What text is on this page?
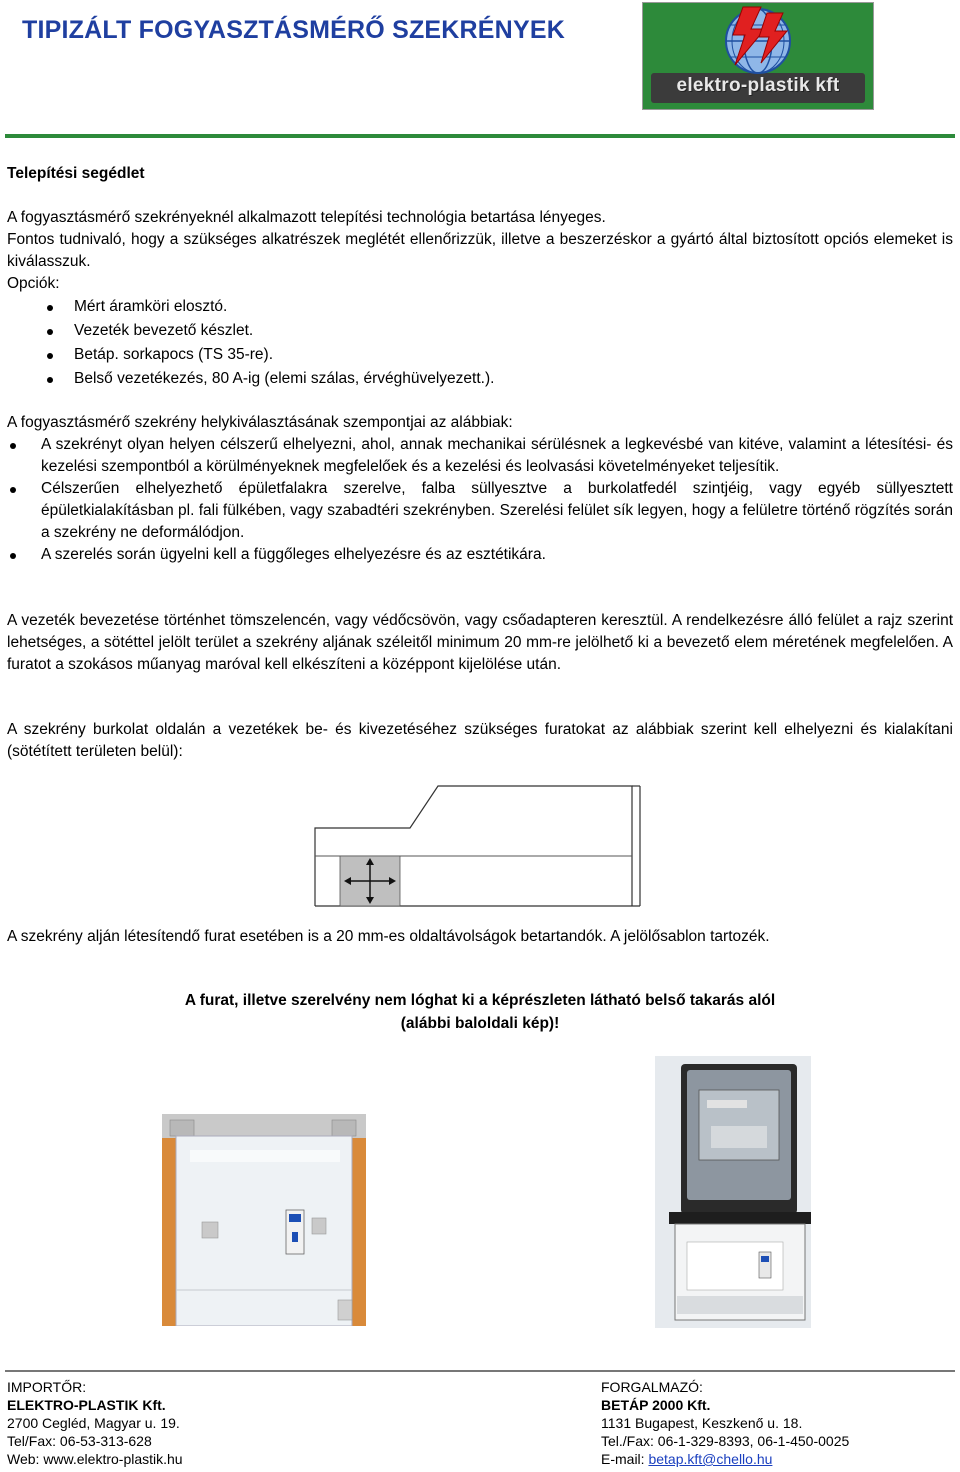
TIPIZÁLT FOGYASZTÁSMÉRŐ SZEKRÉNYEK
elektro-plastik kft
Telepítési segédlet
A fogyasztásmérő szekrényeknél alkalmazott telepítési technológia betartása lényeges.
Fontos tudnivaló, hogy a szükséges alkatrészek meglétét ellenőrizzük, illetve a beszerzéskor a gyártó által biztosított opciós elemeket is kiválasszuk.
Opciók:
Mért áramköri elosztó.
Vezeték bevezető készlet.
Betáp. sorkapocs (TS 35-re).
Belső vezetékezés, 80 A-ig (elemi szálas, érvéghüvelyezett.).
A fogyasztásmérő szekrény helykiválasztásának szempontjai az alábbiak:
A szekrényt olyan helyen célszerű elhelyezni, ahol, annak mechanikai sérülésnek a legkevésbé van kitéve, valamint a létesítési- és kezelési szempontból a körülményeknek megfelelőek és a kezelési és leolvasási követelményeket teljesítik.
Célszerűen elhelyezhető épületfalakra szerelve, falba süllyesztve a burkolatfedél szintjéig, vagy egyéb süllyesztett épületkialakításban pl. fali fülkében, vagy szabadtéri szekrényben. Szerelési felület sík legyen, hogy a felületre történő rögzítés során a szekrény ne deformálódjon.
A szerelés során ügyelni kell a függőleges elhelyezésre és az esztétikára.
A vezeték bevezetése történhet tömszelencén, vagy védőcsövön, vagy csőadapteren keresztül. A rendelkezésre álló felület a rajz szerint lehetséges, a sötéttel jelölt terület a szekrény aljának széleitől minimum 20 mm-re jelölhető ki a bevezető elem méretének megfelelően. A furatot a szokásos műanyag maróval kell elkészíteni a középpont kijelölése után.
A szekrény burkolat oldalán a vezetékek be- és kivezetéséhez szükséges furatokat az alábbiak szerint kell elhelyezni és kialakítani (sötétített területen belül):
A szekrény alján létesítendő furat esetében is a 20 mm-es oldaltávolságok betartandók. A jelölősablon tartozék.
A furat, illetve szerelvény nem lóghat ki a képrészleten látható belső takarás alól
(alábbi baloldali kép)!
IMPORTŐR:
ELEKTRO-PLASTIK Kft.
2700 Cegléd, Magyar u. 19.
Tel/Fax: 06-53-313-628
Web: www.elektro-plastik.hu
FORGALMAZÓ:
BETÁP 2000 Kft.
1131 Bugapest, Keszkenő u. 18.
Tel./Fax: 06-1-329-8393, 06-1-450-0025
E-mail: betap.kft@chello.hu
